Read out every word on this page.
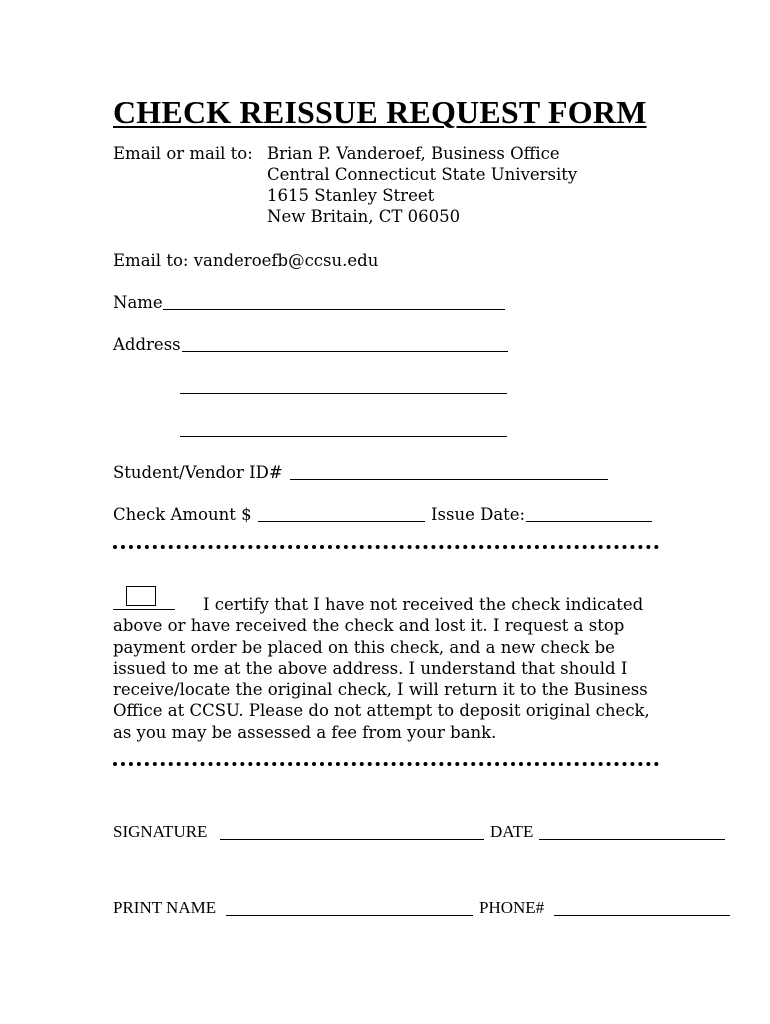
CHECK REISSUE REQUEST FORM
Email or mail to: Brian P. Vanderoef, Business Office
Central Connecticut State University
1615 Stanley Street
New Britain, CT 06050
Email to: vanderoefb@ccsu.edu
Name
Address
Student/Vendor ID#
Check Amount $	Issue Date:
I certify that I have not received the check indicated above or have received the check and lost it. I request a stop payment order be placed on this check, and a new check be issued to me at the above address. I understand that should I receive/locate the original check, I will return it to the Business Office at CCSU. Please do not attempt to deposit original check, as you may be assessed a fee from your bank.
SIGNATURE	DATE
PRINT NAME	PHONE#
